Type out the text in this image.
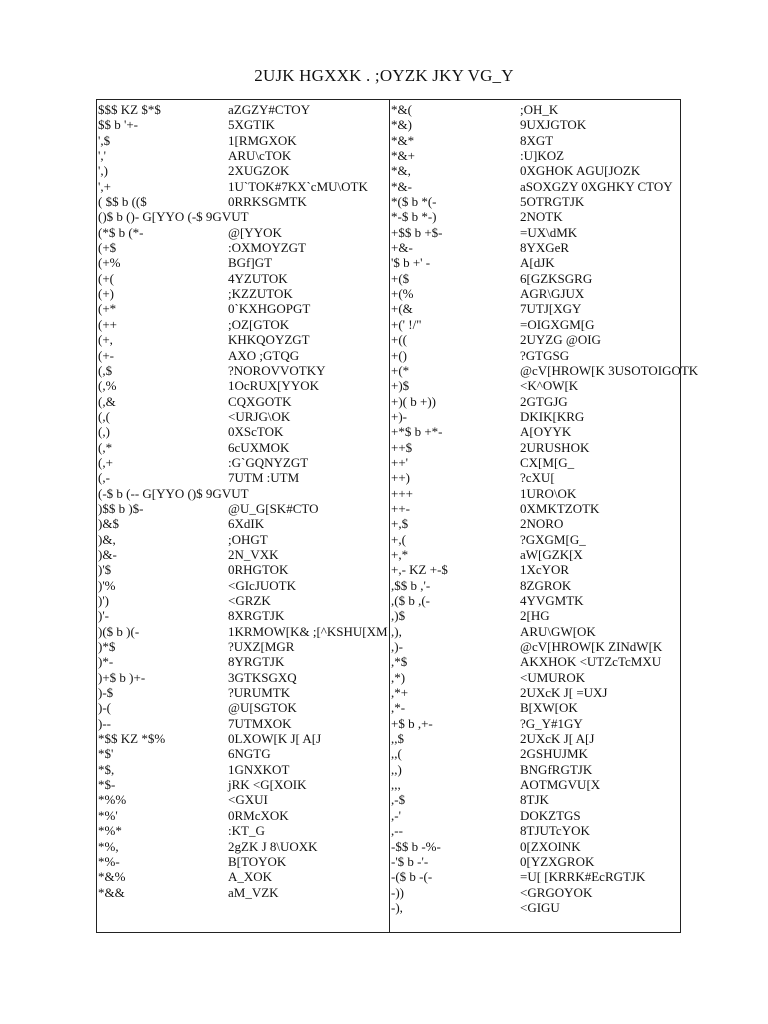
2UJK HGXXK . ;OYZK JKY VG_Y
$$$ KZ $*$	aZGZY#CTOY
$$ b '+-	5XGTIK
',$	1[RMGXOK
','	ARU\cTOK
',)	2XUGZOK
',+	1U`TOK#7KX`cMU\OTK
( $$ b (($	0RRKSGMTK
()$ b ()- G[YYO (-$ 9GVUT
(*$ b (*-	@[YYOK
(+$	:OXMOYZGT
(+%	BGf]GT
(+(	4YZUTOK
(+)	;KZZUTOK
(+*	0`KXHGOPGT
(++	;OZ[GTOK
(+,	KHKQOYZGT
(+-	AXO ;GTQG
(,$	?NOROVVOTKY
(,%	1OcRUX[YYOK
(,&	CQXGOTK
(,(	<URJG\OK
(,)	0XScTOK
(,*	6cUXMOK
(,+	:G`GQNYZGT
(,-	7UTM :UTM
(-$ b (-- G[YYO ()$ 9GVUT
)$$ b )$-	@U_G[SK#CTO
)&$	6XdIK
)&,	;OHGT
)&-	2N_VXK
)'$	0RHGTOK
)'%	<GIcJUOTK
)')	<GRZK
)'-	8XRGTJK
)($ b )(-	1KRMOW[K& ;[^KSHU[XM
)*$	?UXZ[MGR
)*-	8YRGTJK
)+$ b )+-	3GTKSGXQ
)-$	?URUMTK
)-(	@U[SGTOK
)--	7UTMXOK
*$$ KZ *$%	0LXOW[K J[ A[J
*$'	6NGTG
*$,	1GNXKOT
*$-	jRK <G[XOIK
*%%	<GXUI
*%'	0RMcXOK
*%*	:KT_G
*%,	2gZK J 8\UOXK
*%-	B[TOYOK
*&%	A_XOK
*&&	aM_VZK
*&(	;OH_K
*&)	9UXJGTOK
*&*	8XGT
*&+	:U]KOZ
*&,	0XGHOK AGU[JOZK
*&-	aSOXGZY 0XGHKY CTOY
*($ b *(-	5OTRGTJK
*-$ b *-)	2NOTK
+$$ b +$-	=UX\dMK
+&-	8YXGeR
'$ b +' -	A[dJK
+($	6[GZKSGRG
+(%	AGR\GJUX
+(&	7UTJ[XGY
+(' !/"	=OIGXGM[G
+((	2UYZG @OIG
+()	?GTGSG
+(*	@cV[HROW[K 3USOTOIGOTK
+)$	<K^OW[K
+)( b +))	2GTGJG
+)-	DKIK[KRG
+*$ b +*-	A[OYYK
++$	2URUSHOK
++'	CX[M[G_
++)	?cXU[
+++	1URO\OK
++-	0XMKTZOTK
+,$	2NORO
+,(	?GXGM[G_
+,*	aW[GZK[X
+,- KZ +-$	1XcYOR
,$$ b ,'-	8ZGROK
,($ b ,(-	4YVGMTK
,)$	2[HG
,),	ARU\GW[OK
,)-	@cV[HROW[K ZINdW[K
,*$	AKXHOK <UTZcTcMXU
,*)	<UMUROK
,*+	2UXcK J[ =UXJ
,*-	B[XW[OK
+$ b ,+-	?G_Y#1GY
,,$	2UXcK J[ A[J
,,(	2GSHUJMK
,,)	BNGfRGTJK
,,,	AOTMGVU[X
,-$	8TJK
,-'	DOKZTGS
,--	8TJUTcYOK
-$$ b -%-	0[ZXOINK
-'$ b -'-	0[YZXGROK
-($ b -(-	=U[ [KRRK#EcRGTJK
-))	<GRGOYOK
-),	<GIGU
